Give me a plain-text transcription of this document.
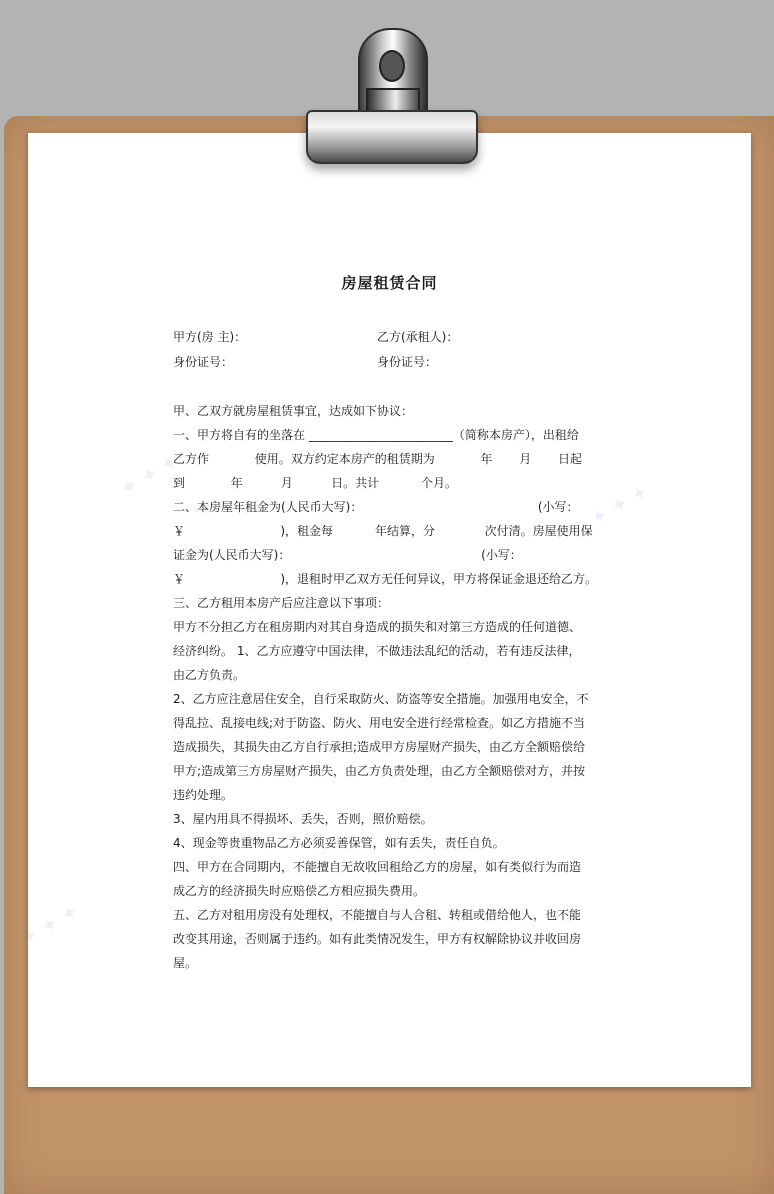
✦ ✦ ✦
✦ ✦ ✦
✦ ✦ ✦
房屋租赁合同
甲方(房 主)：	乙方(承租人)：
身份证号：	身份证号：
甲、乙双方就房屋租赁事宜，达成如下协议：
一、甲方将自有的坐落在 ________________________（简称本房产），出租给
乙方作            使用。双方约定本房产的租赁期为            年       月       日起
到            年          月          日。共计           个月。
二、本房屋年租金为(人民币大写)：                                              (小写：
￥                         )，租金每           年结算，分             次付清。房屋使用保
证金为(人民币大写)：                                                  (小写：
￥                         )，退租时甲乙双方无任何异议，甲方将保证金退还给乙方。
三、乙方租用本房产后应注意以下事项：
甲方不分担乙方在租房期内对其自身造成的损失和对第三方造成的任何道德、
经济纠纷。 1、乙方应遵守中国法律，不做违法乱纪的活动，若有违反法律，
由乙方负责。
2、乙方应注意居住安全，自行采取防火、防盗等安全措施。加强用电安全，不
得乱拉、乱接电线;对于防盗、防火、用电安全进行经常检查。如乙方措施不当
造成损失，其损失由乙方自行承担;造成甲方房屋财产损失，由乙方全额赔偿给
甲方;造成第三方房屋财产损失，由乙方负责处理，由乙方全额赔偿对方，并按
违约处理。
3、屋内用具不得损坏、丢失，否则，照价赔偿。
4、现金等贵重物品乙方必须妥善保管，如有丢失，责任自负。
四、甲方在合同期内，不能擅自无故收回租给乙方的房屋，如有类似行为而造
成乙方的经济损失时应赔偿乙方相应损失费用。
五、乙方对租用房没有处理权，不能擅自与人合租、转租或借给他人，也不能
改变其用途，否则属于违约。如有此类情况发生，甲方有权解除协议并收回房
屋。
